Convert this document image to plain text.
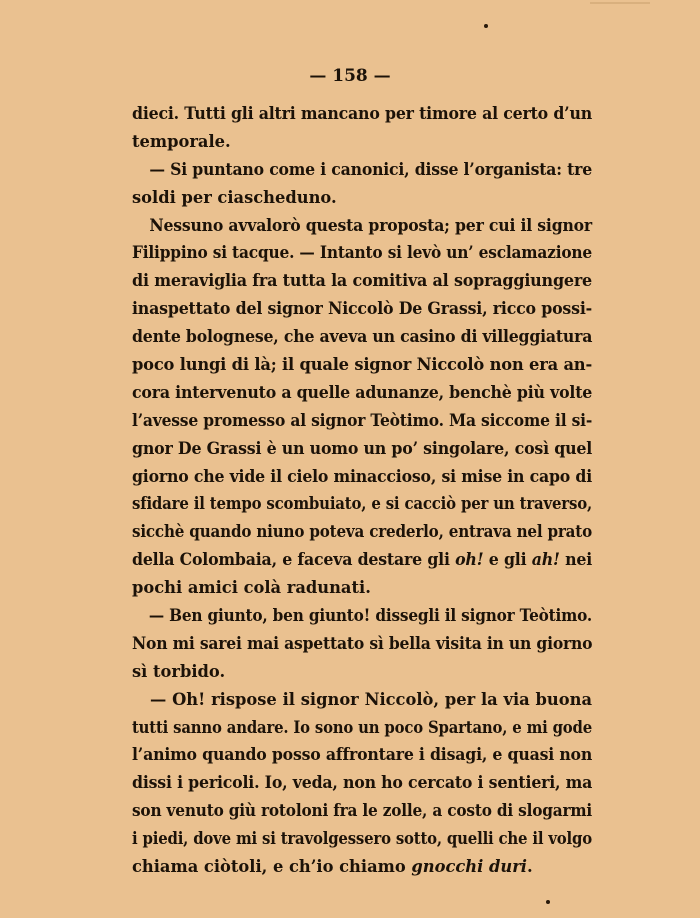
— 158 —
dieci. Tutti gli altri mancano per timore al certo d’un
temporale.
— Si puntano come i canonici, disse l’organista: tre
soldi per ciascheduno.
Nessuno avvalorò questa proposta; per cui il signor
Filippino si tacque. — Intanto si levò un’ esclamazione
di meraviglia fra tutta la comitiva al sopraggiungere
inaspettato del signor Niccolò De Grassi, ricco possi-
dente bolognese, che aveva un casino di villeggiatura
poco lungi di là; il quale signor Niccolò non era an-
cora intervenuto a quelle adunanze, benchè più volte
l’avesse promesso al signor Teòtimo. Ma siccome il si-
gnor De Grassi è un uomo un po’ singolare, così quel
giorno che vide il cielo minaccioso, si mise in capo di
sfidare il tempo scombuiato, e si cacciò per un traverso,
sicchè quando niuno poteva crederlo, entrava nel prato
della Colombaia, e faceva destare gli oh! e gli ah! nei
pochi amici colà radunati.
— Ben giunto, ben giunto! dissegli il signor Teòtimo.
Non mi sarei mai aspettato sì bella visita in un giorno
sì torbido.
— Oh! rispose il signor Niccolò, per la via buona
tutti sanno andare. Io sono un poco Spartano, e mi gode
l’animo quando posso affrontare i disagi, e quasi non
dissi i pericoli. Io, veda, non ho cercato i sentieri, ma
son venuto giù rotoloni fra le zolle, a costo di slogarmi
i piedi, dove mi si travolgessero sotto, quelli che il volgo
chiama ciòtoli, e ch’io chiamo gnocchi duri.
